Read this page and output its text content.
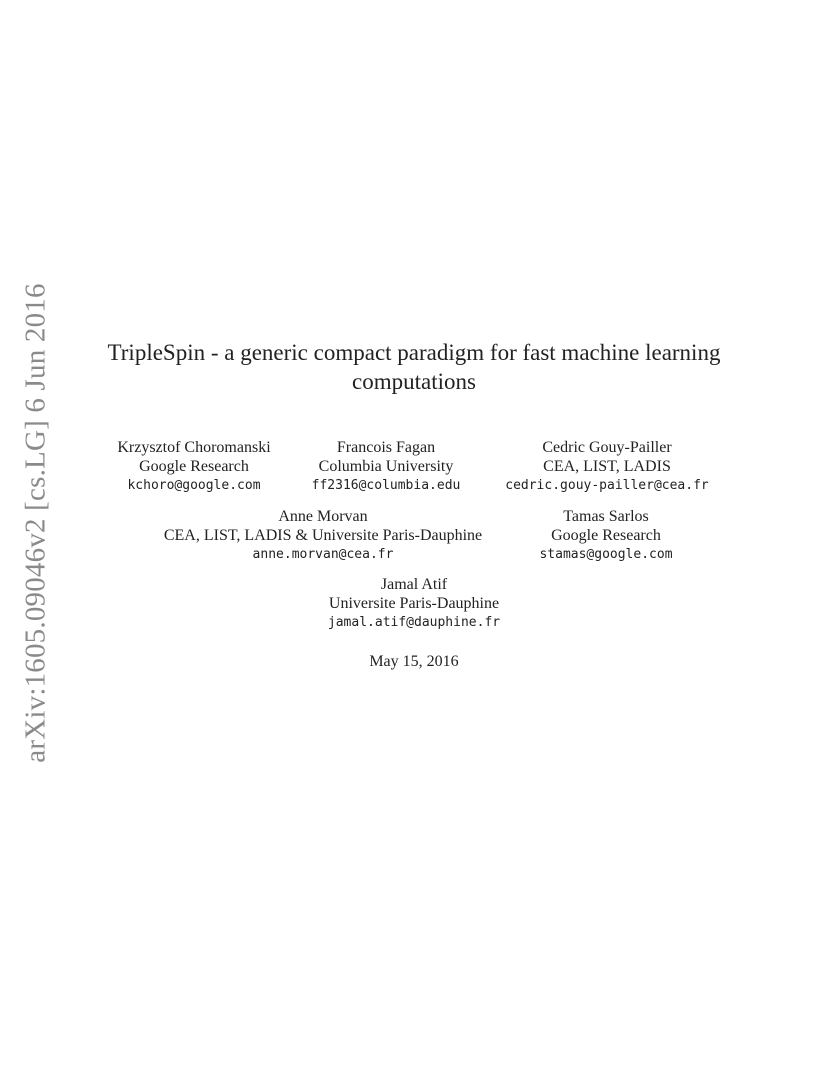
arXiv:1605.09046v2 [cs.LG] 6 Jun 2016	TripleSpin - a generic compact paradigm for fast machine learning
computations
Krzysztof Choromanski
Google Research
kchoro@google.com
Francois Fagan
Columbia University
ff2316@columbia.edu
Cedric Gouy-Pailler
CEA, LIST, LADIS
cedric.gouy-pailler@cea.fr
Anne Morvan
CEA, LIST, LADIS & Universite Paris-Dauphine
anne.morvan@cea.fr
Tamas Sarlos
Google Research
stamas@google.com
Jamal Atif
Universite Paris-Dauphine
jamal.atif@dauphine.fr
May 15, 2016
